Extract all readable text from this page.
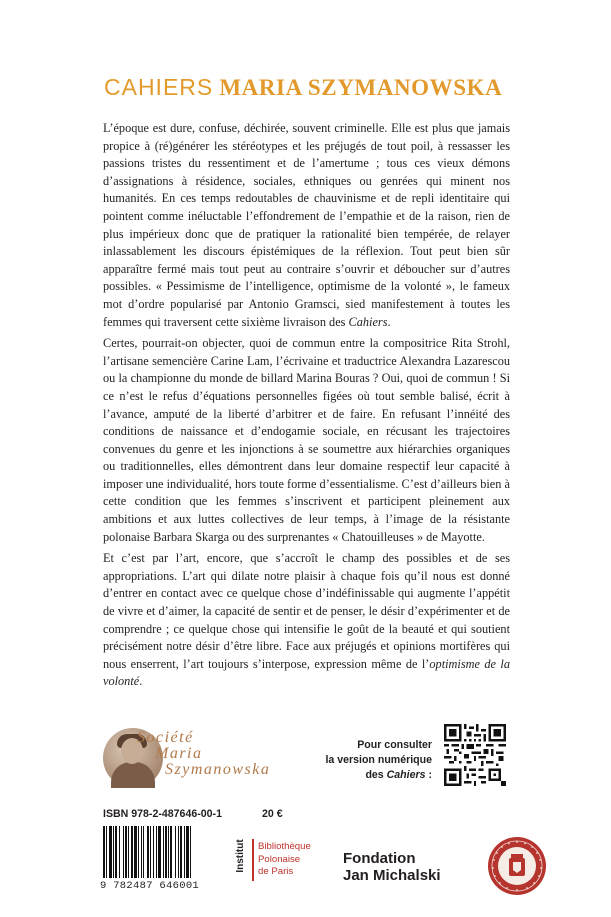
CAHIERS MARIA SZYMANOWSKA

L’époque est dure, confuse, déchirée, souvent criminelle. Elle est plus que jamais propice à (ré)générer les stéréotypes et les préjugés de tout poil, à ressasser les passions tristes du ressentiment et de l’amertume ; tous ces vieux démons d’assignations à résidence, sociales, ethniques ou genrées qui minent nos humanités. En ces temps redoutables de chauvinisme et de repli identitaire qui pointent comme inéluctable l’effondrement de l’empathie et de la raison, rien de plus impérieux donc que de pratiquer la rationalité bien tempérée, de relayer inlassablement les discours épistémiques de la réflexion. Tout peut bien sûr apparaître fermé mais tout peut au contraire s’ouvrir et déboucher sur d’autres possibles. « Pessimisme de l’intelligence, optimisme de la volonté », le fameux mot d’ordre popularisé par Antonio Gramsci, sied manifestement à toutes les femmes qui traversent cette sixième livraison des Cahiers.

Certes, pourrait-on objecter, quoi de commun entre la compositrice Rita Strohl, l’artisane semencière Carine Lam, l’écrivaine et traductrice Alexandra Lazarescou ou la championne du monde de billard Marina Bouras ? Oui, quoi de commun ! Si ce n’est le refus d’équations personnelles figées où tout semble balisé, écrit à l’avance, amputé de la liberté d’arbitrer et de faire. En refusant l’innéité des conditions de naissance et d’endogamie sociale, en récusant les trajectoires convenues du genre et les injonctions à se soumettre aux hiérarchies organiques ou traditionnelles, elles démontrent dans leur domaine respectif leur capacité à imposer une individualité, hors toute forme d’essentialisme. C’est d’ailleurs bien à cette condition que les femmes s’inscrivent et participent pleinement aux ambitions et aux luttes collectives de leur temps, à l’image de la résistante polonaise Barbara Skarga ou des surprenantes « Chatouilleuses » de Mayotte.

Et c’est par l’art, encore, que s’accroît le champ des possibles et de ses appropriations. L’art qui dilate notre plaisir à chaque fois qu’il nous est donné d’entrer en contact avec ce quelque chose d’indéfinissable qui augmente l’appétit de vivre et d’aimer, la capacité de sentir et de penser, le désir d’expérimenter et de comprendre ; ce quelque chose qui intensifie le goût de la beauté et qui soutient précisément notre désir d’être libre. Face aux préjugés et opinions mortifères qui nous enserrent, l’art toujours s’interpose, expression même de l’optimisme de la volonté.

Société
Maria
Szymanowska
Pour consulter
la version numérique
des Cahiers :
ISBN 978-2-487646-00-1	20 €
9 782487 646001
Institut	Bibliothèque
Polonaise
de Paris
Fondation
Jan Michalski
